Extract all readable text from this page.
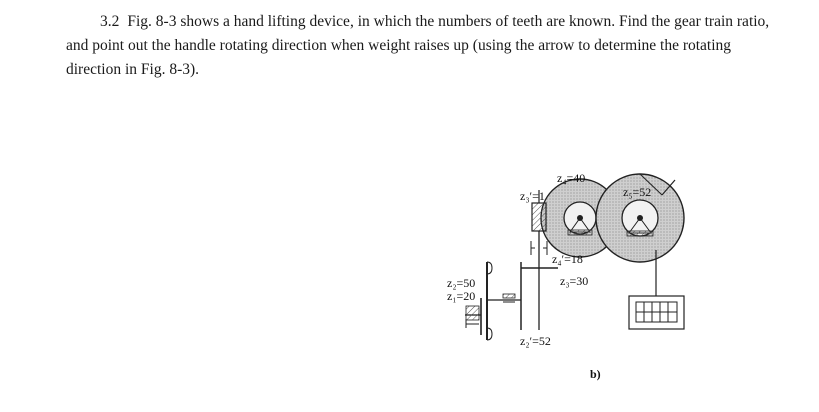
3.2 Fig. 8-3 shows a hand lifting device, in which the numbers of teeth are known. Find the gear train ratio, and point out the handle rotating direction when weight raises up (using the arrow to determine the rotating direction in Fig. 8-3).
z₄=40
z₅=52
z₃′=1
z₄′=18
z₃=30
z₂=50
z₁=20
z₂′=52
b)
